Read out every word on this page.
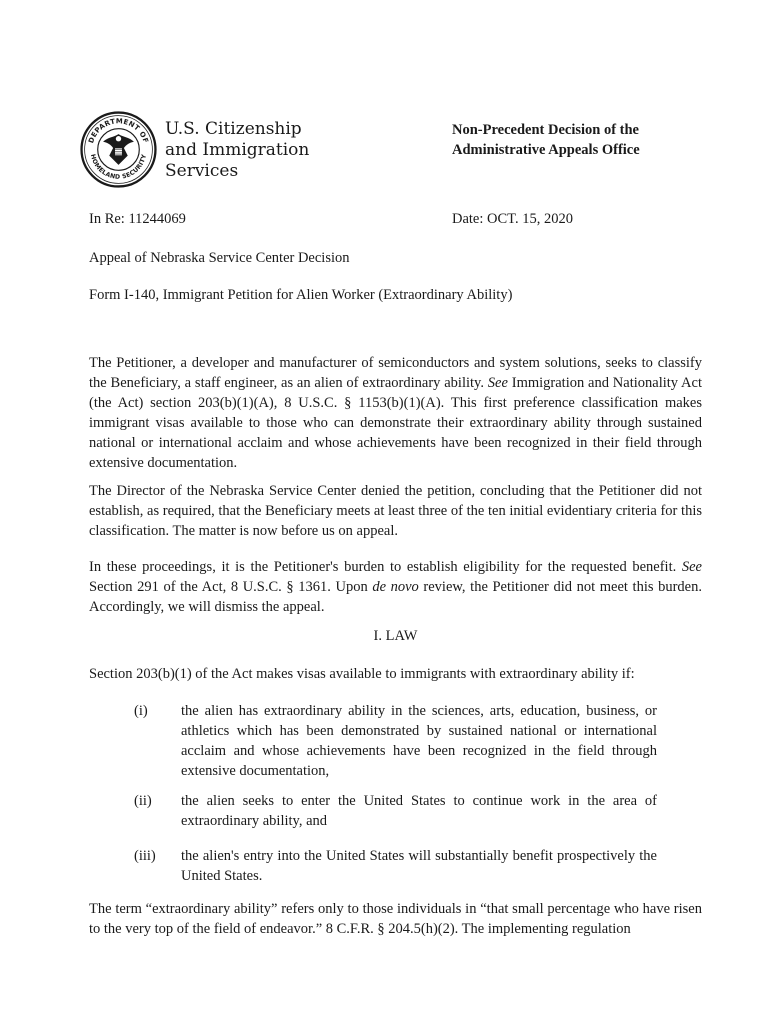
DEPARTMENT OF
HOMELAND SECURITY
U.S. Citizenship
and Immigration
Services
Non-Precedent Decision of the
Administrative Appeals Office
In Re: 11244069	Date: OCT. 15, 2020
Appeal of Nebraska Service Center Decision
Form I-140, Immigrant Petition for Alien Worker (Extraordinary Ability)
The Petitioner, a developer and manufacturer of semiconductors and system solutions, seeks to classify the Beneficiary, a staff engineer, as an alien of extraordinary ability. See Immigration and Nationality Act (the Act) section 203(b)(1)(A), 8 U.S.C. § 1153(b)(1)(A). This first preference classification makes immigrant visas available to those who can demonstrate their extraordinary ability through sustained national or international acclaim and whose achievements have been recognized in their field through extensive documentation.
The Director of the Nebraska Service Center denied the petition, concluding that the Petitioner did not establish, as required, that the Beneficiary meets at least three of the ten initial evidentiary criteria for this classification. The matter is now before us on appeal.
In these proceedings, it is the Petitioner's burden to establish eligibility for the requested benefit. See Section 291 of the Act, 8 U.S.C. § 1361. Upon de novo review, the Petitioner did not meet this burden. Accordingly, we will dismiss the appeal.
I. LAW
Section 203(b)(1) of the Act makes visas available to immigrants with extraordinary ability if:
(i) the alien has extraordinary ability in the sciences, arts, education, business, or athletics which has been demonstrated by sustained national or international acclaim and whose achievements have been recognized in the field through extensive documentation,
(ii) the alien seeks to enter the United States to continue work in the area of extraordinary ability, and
(iii) the alien's entry into the United States will substantially benefit prospectively the United States.
The term “extraordinary ability” refers only to those individuals in “that small percentage who have risen to the very top of the field of endeavor.” 8 C.F.R. § 204.5(h)(2). The implementing regulation
